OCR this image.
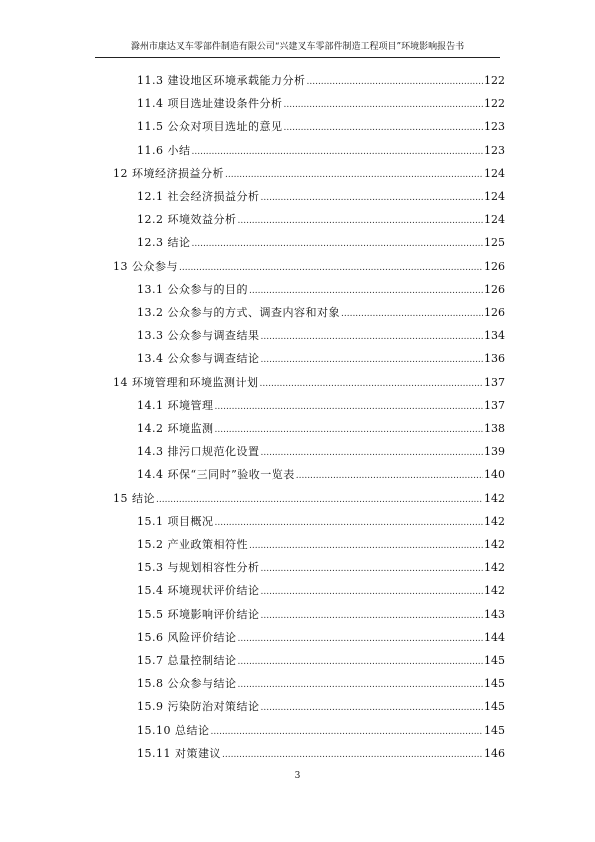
滁州市康达叉车零部件制造有限公司“兴建叉车零部件制造工程项目”环境影响报告书
11.3 建设地区环境承载能力分析 .....	122
11.4 项目选址建设条件分析 .....	122
11.5 公众对项目选址的意见 .....	123
11.6 小结 .....	123
12 环境经济损益分析 .....	124
12.1 社会经济损益分析 .....	124
12.2 环境效益分析 .....	124
12.3 结论 .....	125
13 公众参与 .....	126
13.1 公众参与的目的 .....	126
13.2 公众参与的方式、调查内容和对象 .....	126
13.3 公众参与调查结果 .....	134
13.4 公众参与调查结论 .....	136
14 环境管理和环境监测计划 .....	137
14.1 环境管理 .....	137
14.2 环境监测 .....	138
14.3 排污口规范化设置 .....	139
14.4 环保“三同时”验收一览表 .....	140
15 结论 .....	142
15.1 项目概况 .....	142
15.2 产业政策相符性 .....	142
15.3 与规划相容性分析 .....	142
15.4 环境现状评价结论 .....	142
15.5 环境影响评价结论 .....	143
15.6 风险评价结论 .....	144
15.7 总量控制结论 .....	145
15.8 公众参与结论 .....	145
15.9 污染防治对策结论 .....	145
15.10 总结论 .....	145
15.11 对策建议 .....	146
3
